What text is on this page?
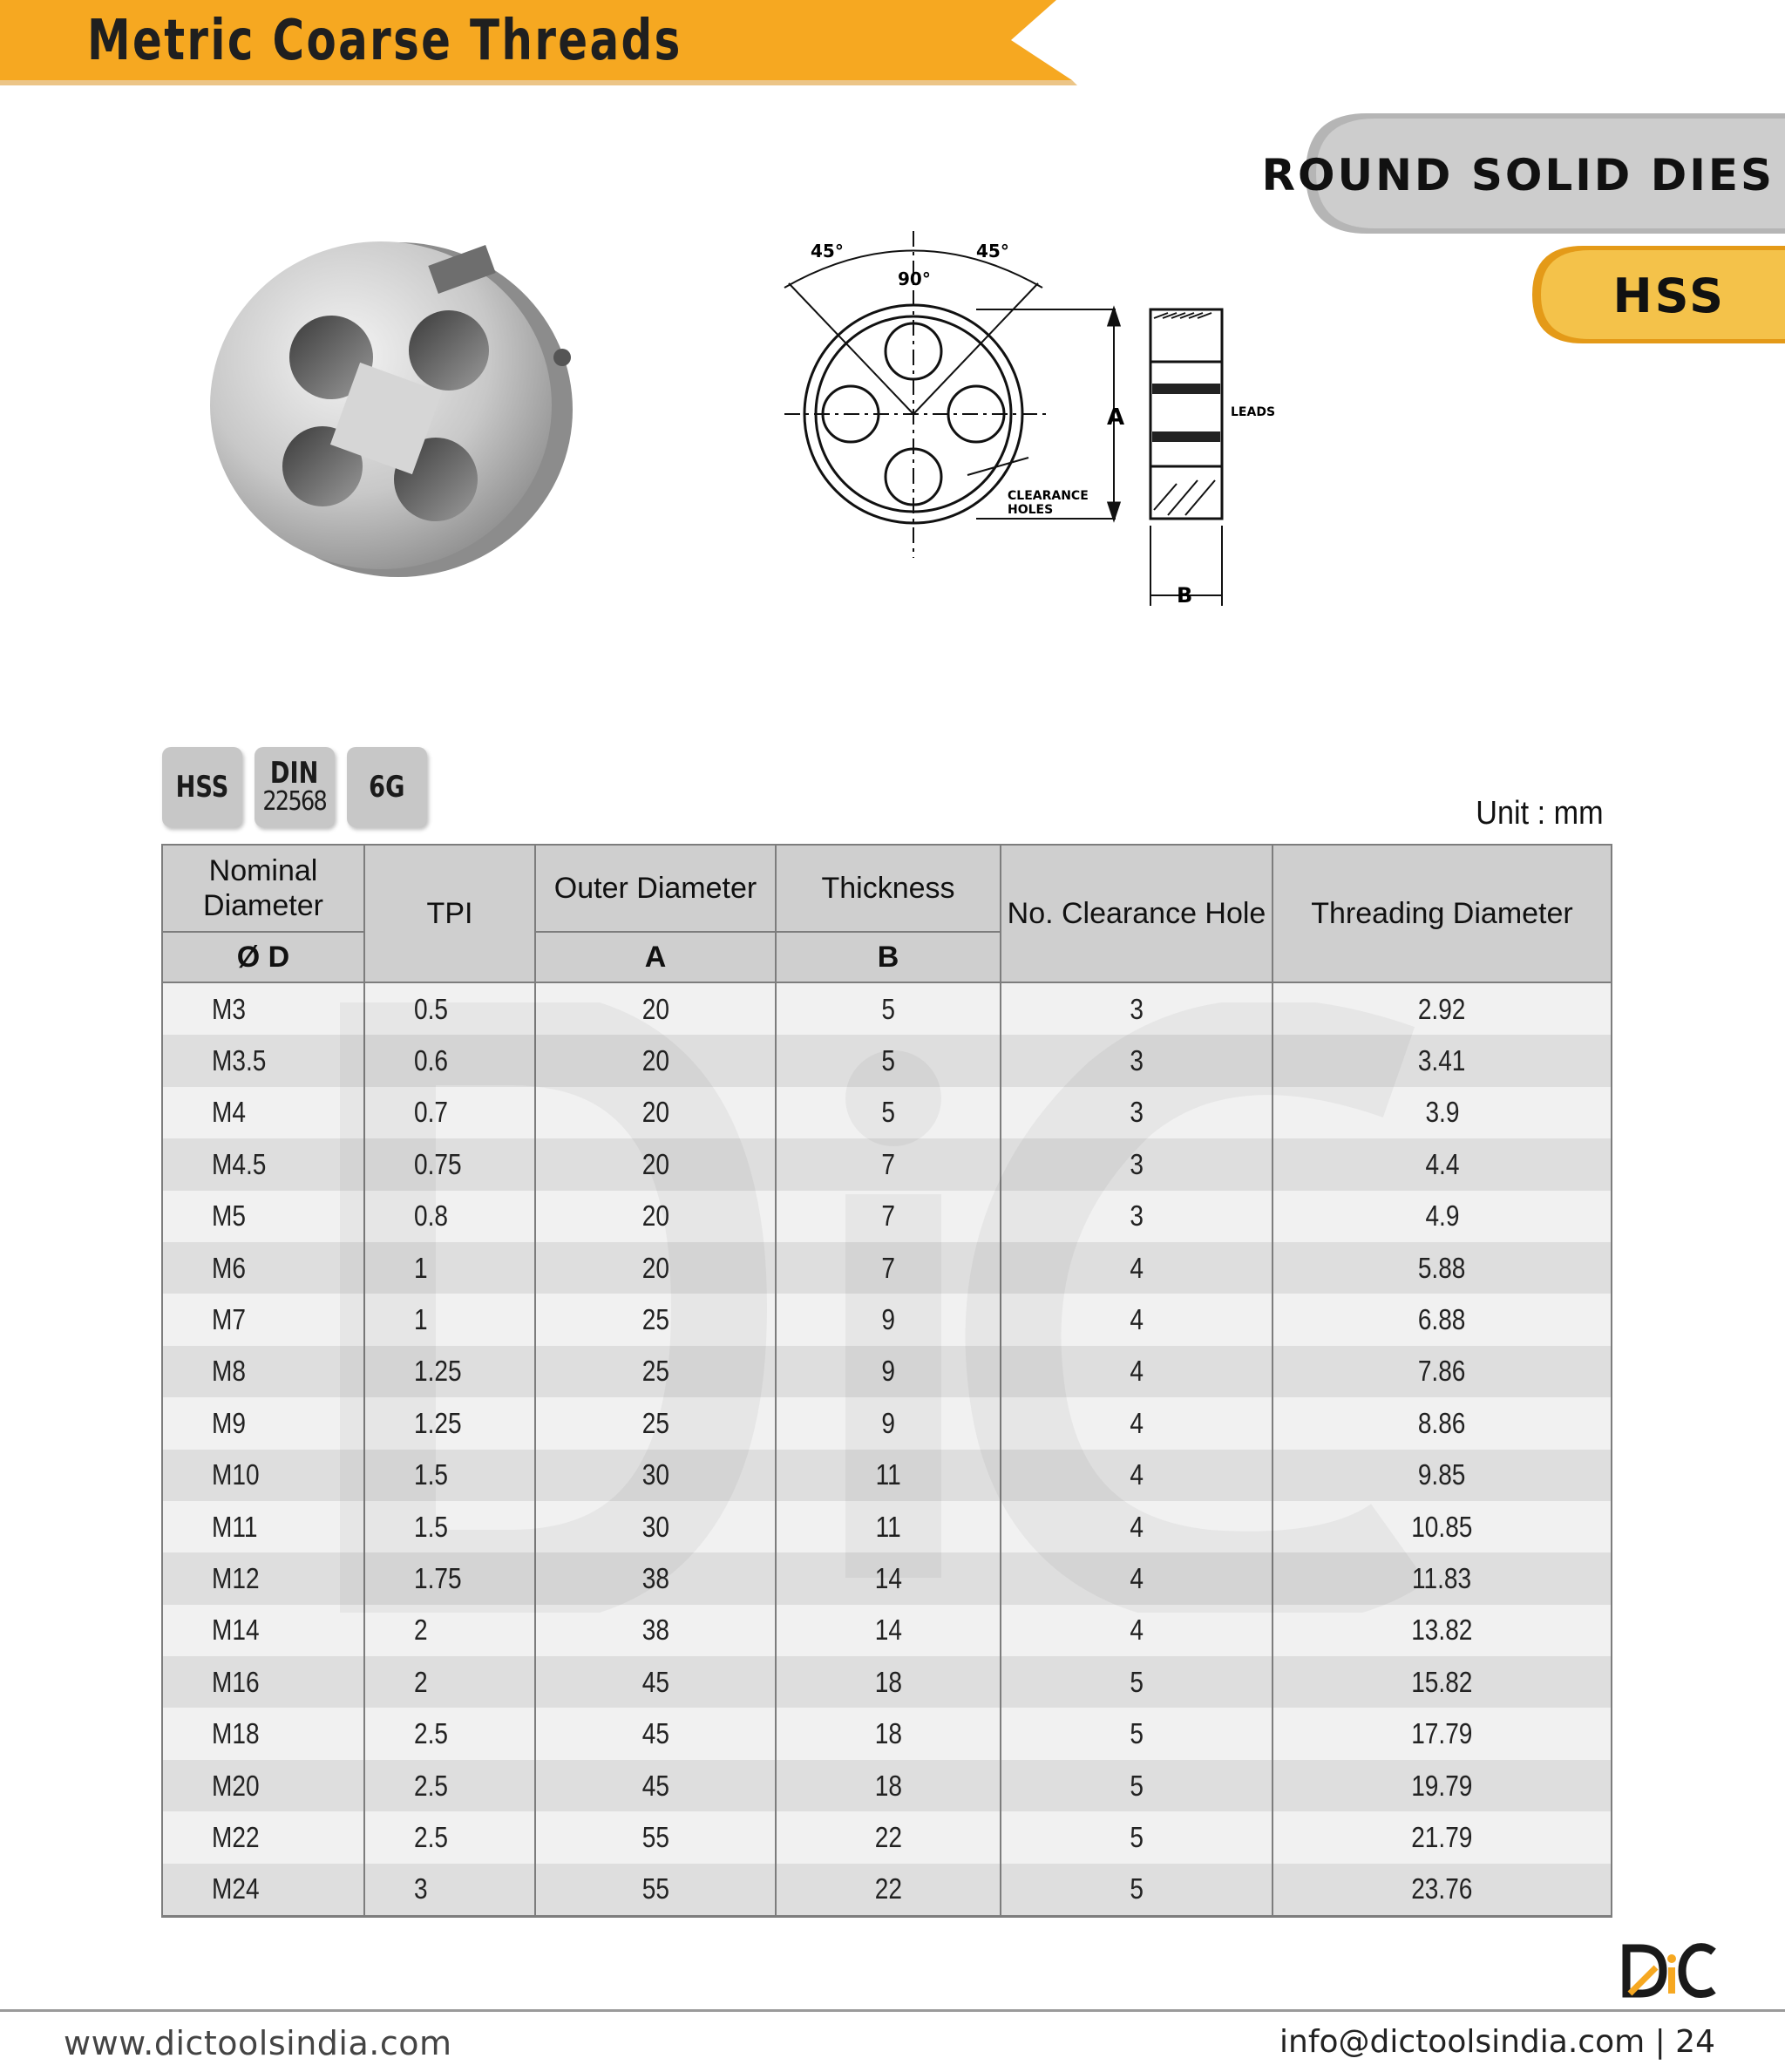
Metric Coarse Threads
ROUND SOLID DIES
HSS
45°	45°
90°
A
B
LEADS
CLEARANCE
HOLES
HSS DIN
22568 6G
Unit : mm
Nominal Diameter	TPI	Outer Diameter	Thickness	No. Clearance Hole	Threading Diameter
Ø D		A	B		
M3	0.5	20	5	3	2.92
M3.5	0.6	20	5	3	3.41
M4	0.7	20	5	3	3.9
M4.5	0.75	20	7	3	4.4
M5	0.8	20	7	3	4.9
M6	1	20	7	4	5.88
M7	1	25	9	4	6.88
M8	1.25	25	9	4	7.86
M9	1.25	25	9	4	8.86
M10	1.5	30	11	4	9.85
M11	1.5	30	11	4	10.85
M12	1.75	38	14	4	11.83
M14	2	38	14	4	13.82
M16	2	45	18	5	15.82
M18	2.5	45	18	5	17.79
M20	2.5	45	18	5	19.79
M22	2.5	55	22	5	21.79
M24	3	55	22	5	23.76
www.dictoolsindia.com	info@dictoolsindia.com | 24
